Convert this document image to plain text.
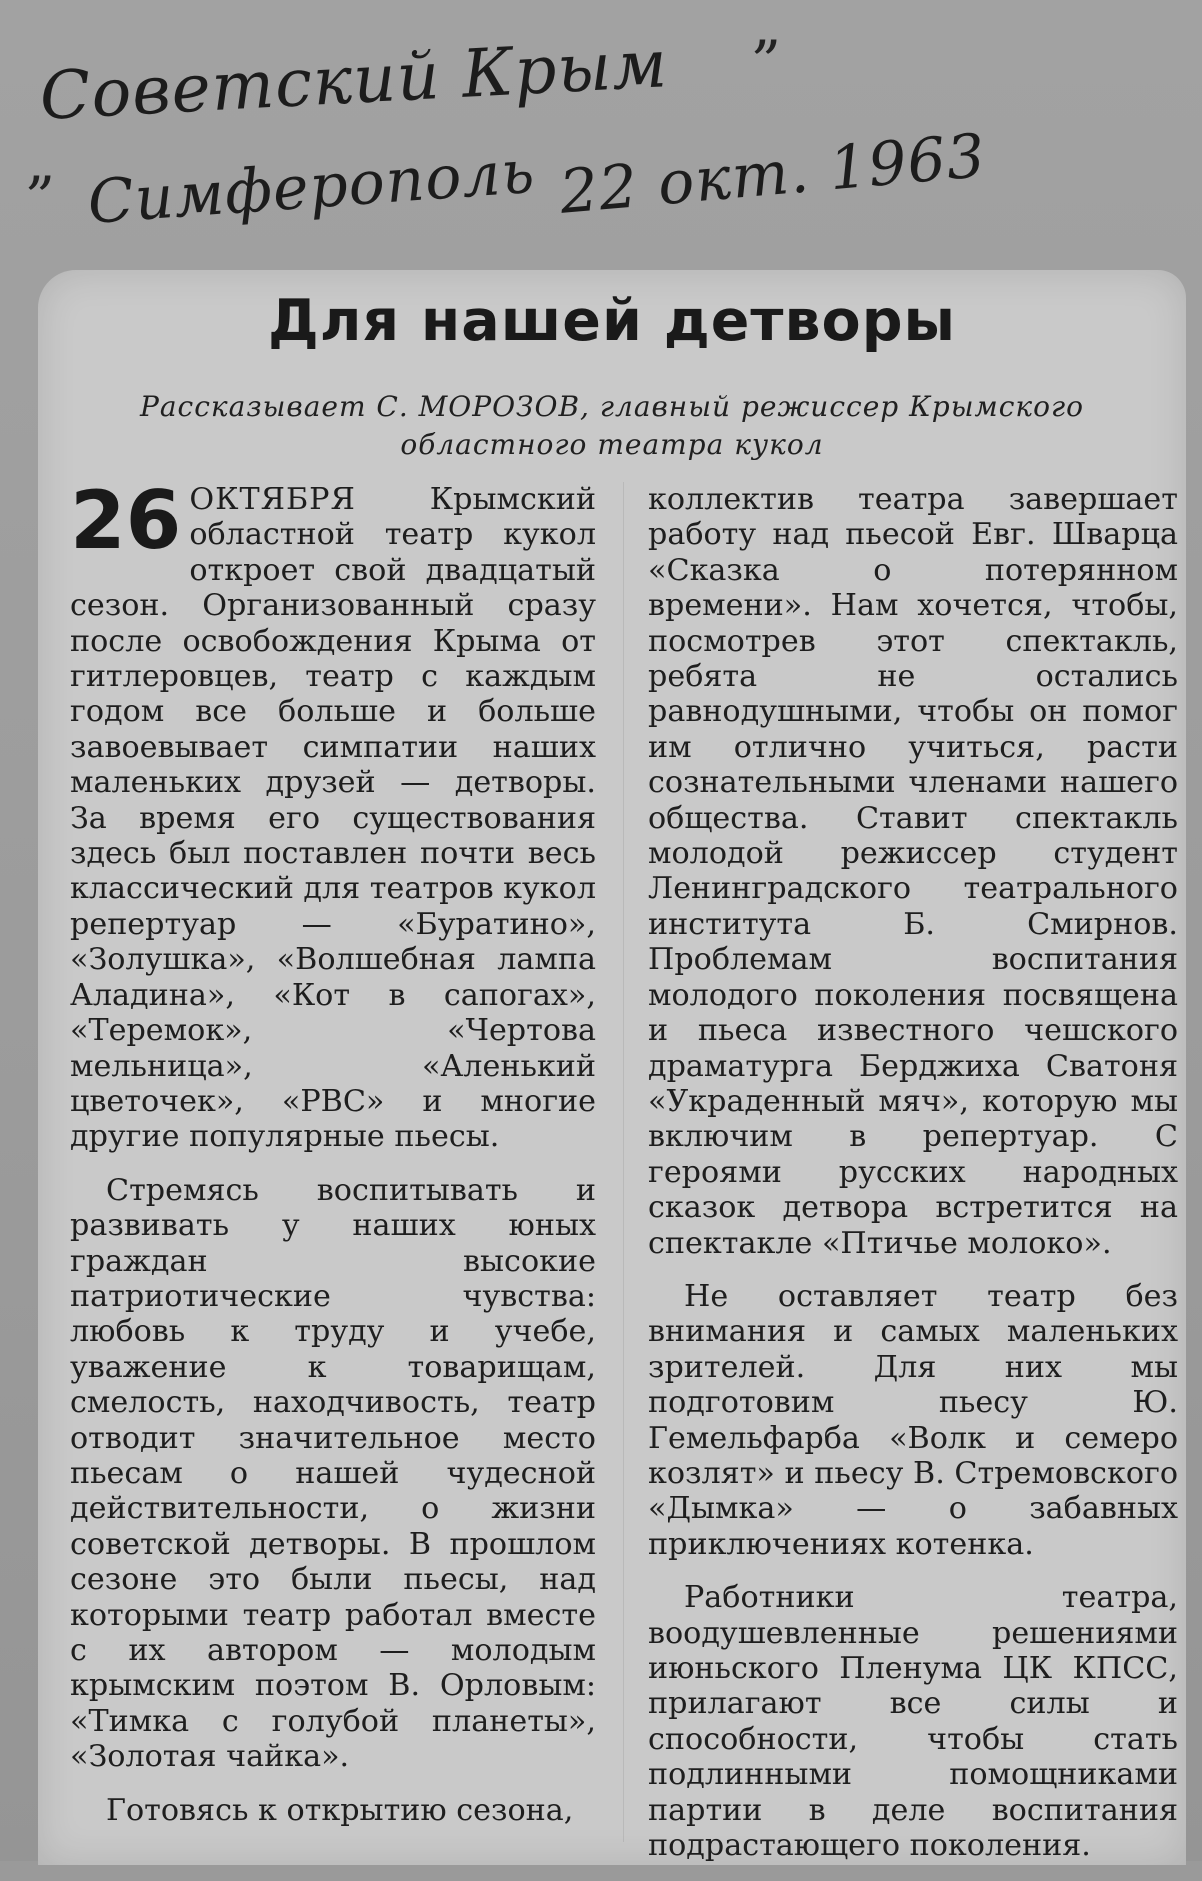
„
„
Советский Крым
Симферополь 22 окт. 1963
Для нашей детворы
Рассказывает С. МОРОЗОВ, главный режиссер Крымского
областного театра кукол

26 ОКТЯБРЯ Крымский областной театр кукол откроет свой двадцатый сезон. Организованный сразу после освобождения Крыма от гитлеровцев, театр с каждым годом все больше и больше завоевывает симпатии наших маленьких друзей — детворы. За время его существования здесь был поставлен почти весь классический для театров кукол репертуар — «Буратино», «Золушка», «Волшебная лампа Аладина», «Кот в сапогах», «Теремок», «Чертова мельница», «Аленький цветочек», «РВС» и многие другие популярные пьесы.

Стремясь воспитывать и развивать у наших юных граждан высокие патриотические чувства: любовь к труду и учебе, уважение к товарищам, смелость, находчивость, театр отводит значительное место пьесам о нашей чудесной действительности, о жизни советской детворы. В прошлом сезоне это были пьесы, над которыми театр работал вместе с их автором — молодым крымским поэтом В. Орловым: «Тимка с голубой планеты», «Золотая чайка».

Готовясь к открытию сезона,

коллектив театра завершает работу над пьесой Евг. Шварца «Сказка о потерянном времени». Нам хочется, чтобы, посмотрев этот спектакль, ребята не остались равнодушными, чтобы он помог им отлично учиться, расти сознательными членами нашего общества. Ставит спектакль молодой режиссер студент Ленинградского театрального института Б. Смирнов. Проблемам воспитания молодого поколения посвящена и пьеса известного чешского драматурга Берджиха Сватоня «Украденный мяч», которую мы включим в репертуар. С героями русских народных сказок детвора встретится на спектакле «Птичье молоко».

Не оставляет театр без внимания и самых маленьких зрителей. Для них мы подготовим пьесу Ю. Гемельфарба «Волк и семеро козлят» и пьесу В. Стремовского «Дымка» — о забавных приключениях котенка.

Работники театра, воодушевленные решениями июньского Пленума ЦК КПСС, прилагают все силы и способности, чтобы стать подлинными помощниками партии в деле воспитания подрастающего поколения.
